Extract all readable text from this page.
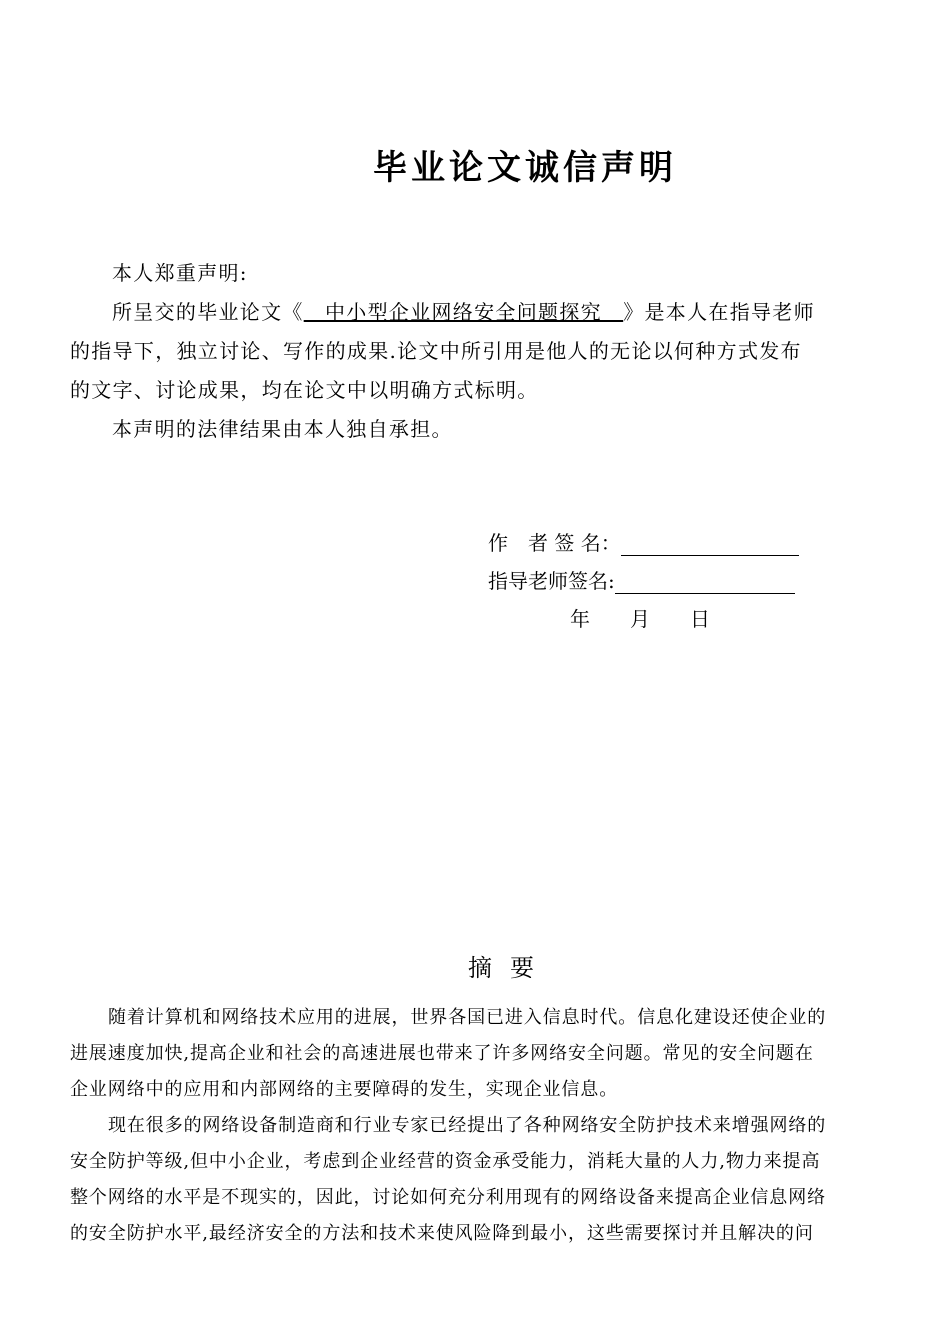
毕业论文诚信声明
本人郑重声明:
所呈交的毕业论文《　中小型企业网络安全问题探究　》是本人在指导老师
的指导下，独立讨论、写作的成果.论文中所引用是他人的无论以何种方式发布
的文字、讨论成果，均在论文中以明确方式标明。
本声明的法律结果由本人独自承担。
作　者 签 名：
指导老师签名:
年　　月　　日
摘要
随着计算机和网络技术应用的进展，世界各国已进入信息时代。信息化建设还使企业的
进展速度加快,提高企业和社会的高速进展也带来了许多网络安全问题。常见的安全问题在
企业网络中的应用和内部网络的主要障碍的发生，实现企业信息。
现在很多的网络设备制造商和行业专家已经提出了各种网络安全防护技术来增强网络的
安全防护等级,但中小企业，考虑到企业经营的资金承受能力，消耗大量的人力,物力来提高
整个网络的水平是不现实的，因此，讨论如何充分利用现有的网络设备来提高企业信息网络
的安全防护水平,最经济安全的方法和技术来使风险降到最小，这些需要探讨并且解决的问
